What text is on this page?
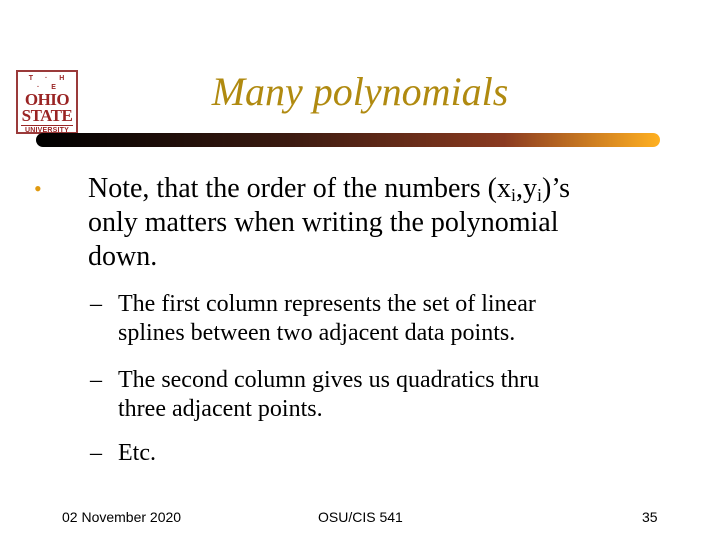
T · H · E
OHIO
STATE
UNIVERSITY
Many polynomials
• Note, that the order of the numbers $(x_i,y_i)’s$
only matters when writing the polynomial
down.
– The first column represents the set of linear
splines between two adjacent data points.
– The second column gives us quadratics thru
three adjacent points.
– Etc.
02 November 2020	OSU/CIS 541	35
